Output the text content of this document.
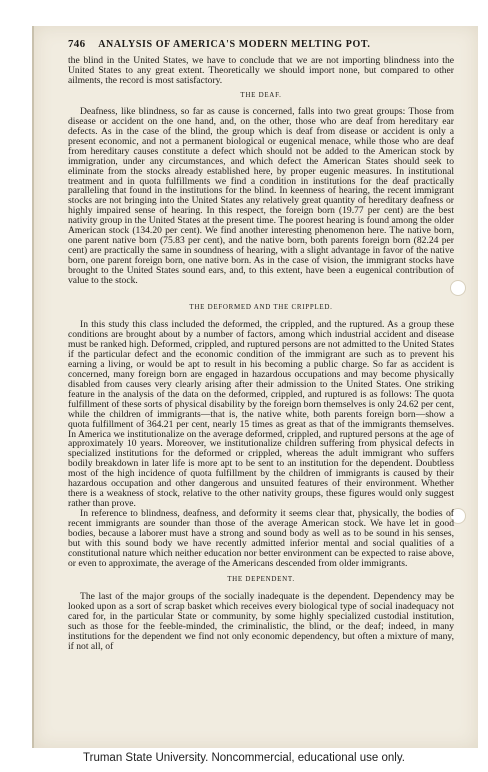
746 ANALYSIS OF AMERICA'S MODERN MELTING POT.

the blind in the United States, we have to conclude that we are not importing blindness into the United States to any great extent. Theoretically we should import none, but compared to other ailments, the record is most satisfactory.

THE DEAF.

Deafness, like blindness, so far as cause is concerned, falls into two great groups: Those from disease or accident on the one hand, and, on the other, those who are deaf from hereditary ear defects. As in the case of the blind, the group which is deaf from disease or accident is only a present economic, and not a permanent biological or eugenical menace, while those who are deaf from hereditary causes constitute a defect which should not be added to the American stock by immigration, under any circumstances, and which defect the American States should seek to eliminate from the stocks already established here, by proper eugenic measures. In institutional treatment and in quota fulfillments we find a condition in institutions for the deaf practically paralleling that found in the institutions for the blind. In keenness of hearing, the recent immigrant stocks are not bringing into the United States any relatively great quantity of hereditary deafness or highly impaired sense of hearing. In this respect, the foreign born (19.77 per cent) are the best nativity group in the United States at the present time. The poorest hearing is found among the older American stock (134.20 per cent). We find another interesting phenomenon here. The native born, one parent native born (75.83 per cent), and the native born, both parents foreign born (82.24 per cent) are practically the same in soundness of hearing, with a slight advantage in favor of the native born, one parent foreign born, one native born. As in the case of vision, the immigrant stocks have brought to the United States sound ears, and, to this extent, have been a eugenical contribution of value to the stock.

THE DEFORMED AND THE CRIPPLED.

In this study this class included the deformed, the crippled, and the ruptured. As a group these conditions are brought about by a number of factors, among which industrial accident and disease must be ranked high. Deformed, crippled, and ruptured persons are not admitted to the United States if the particular defect and the economic condition of the immigrant are such as to prevent his earning a living, or would be apt to result in his becoming a public charge. So far as accident is concerned, many foreign born are engaged in hazardous occupations and may become physically disabled from causes very clearly arising after their admission to the United States. One striking feature in the analysis of the data on the deformed, crippled, and ruptured is as follows: The quota fulfillment of these sorts of physical disability by the foreign born themselves is only 24.62 per cent, while the children of immigrants—that is, the native white, both parents foreign born—show a quota fulfillment of 364.21 per cent, nearly 15 times as great as that of the immigrants themselves. In America we institutionalize on the average deformed, crippled, and ruptured persons at the age of approximately 10 years. Moreover, we institutionalize children suffering from physical defects in specialized institutions for the deformed or crippled, whereas the adult immigrant who suffers bodily breakdown in later life is more apt to be sent to an institution for the dependent. Doubtless most of the high incidence of quota fulfillment by the children of immigrants is caused by their hazardous occupation and other dangerous and unsuited features of their environment. Whether there is a weakness of stock, relative to the other nativity groups, these figures would only suggest rather than prove.

In reference to blindness, deafness, and deformity it seems clear that, physically, the bodies of recent immigrants are sounder than those of the average American stock. We have let in good bodies, because a laborer must have a strong and sound body as well as to be sound in his senses, but with this sound body we have recently admitted inferior mental and social qualities of a constitutional nature which neither education nor better environment can be expected to raise above, or even to approximate, the average of the Americans descended from older immigrants.

THE DEPENDENT.

The last of the major groups of the socially inadequate is the dependent. Dependency may be looked upon as a sort of scrap basket which receives every biological type of social inadequacy not cared for, in the particular State or community, by some highly specialized custodial institution, such as those for the feeble-minded, the criminalistic, the blind, or the deaf; indeed, in many institutions for the dependent we find not only economic dependency, but often a mixture of many, if not all, of

Truman State University. Noncommercial, educational use only.
